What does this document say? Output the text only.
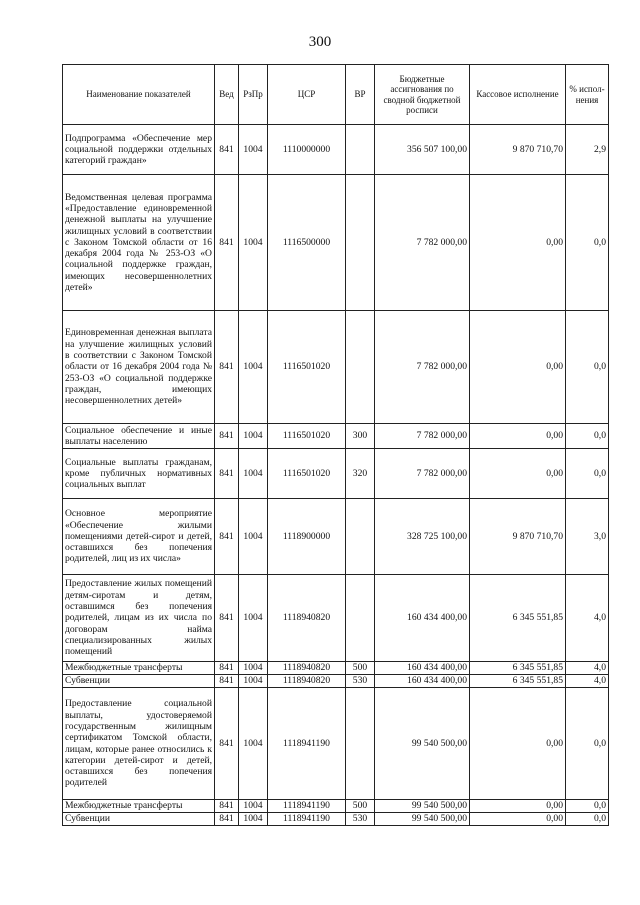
300
Наименование показателей	Вед	РзПр	ЦСР	ВР	Бюджетные ассигнования по сводной бюджетной росписи	Кассовое исполнение	% испол-нения
Подпрограмма «Обеспечение мер социальной поддержки отдельных категорий граждан»	841	1004	1110000000		356 507 100,00	9 870 710,70	2,9
Ведомственная целевая программа «Предоставление единовременной денежной выплаты на улучшение жилищных условий в соответствии с Законом Томской области от 16 декабря 2004 года № 253-ОЗ «О социальной поддержке граждан, имеющих несовершеннолетних детей»	841	1004	1116500000		7 782 000,00	0,00	0,0
Единовременная денежная выплата на улучшение жилищных условий в соответствии с Законом Томской области от 16 декабря 2004 года № 253-ОЗ «О социальной поддержке граждан, имеющих несовершеннолетних детей»	841	1004	1116501020		7 782 000,00	0,00	0,0
Социальное обеспечение и иные выплаты населению	841	1004	1116501020	300	7 782 000,00	0,00	0,0
Социальные выплаты гражданам, кроме публичных нормативных социальных выплат	841	1004	1116501020	320	7 782 000,00	0,00	0,0
Основное мероприятие «Обеспечение жилыми помещениями детей-сирот и детей, оставшихся без попечения родителей, лиц из их числа»	841	1004	1118900000		328 725 100,00	9 870 710,70	3,0
Предоставление жилых помещений детям-сиротам и детям, оставшимся без попечения родителей, лицам из их числа по договорам найма специализированных жилых помещений	841	1004	1118940820		160 434 400,00	6 345 551,85	4,0
Межбюджетные трансферты	841	1004	1118940820	500	160 434 400,00	6 345 551,85	4,0
Субвенции	841	1004	1118940820	530	160 434 400,00	6 345 551,85	4,0
Предоставление социальной выплаты, удостоверяемой государственным жилищным сертификатом Томской области, лицам, которые ранее относились к категории детей-сирот и детей, оставшихся без попечения родителей	841	1004	1118941190		99 540 500,00	0,00	0,0
Межбюджетные трансферты	841	1004	1118941190	500	99 540 500,00	0,00	0,0
Субвенции	841	1004	1118941190	530	99 540 500,00	0,00	0,0
